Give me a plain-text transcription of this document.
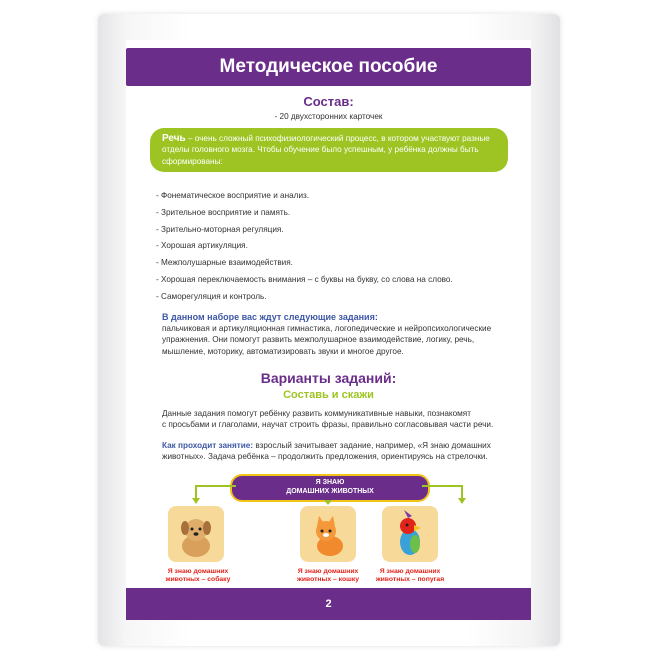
Методическое пособие
Состав:
- 20 двухсторонних карточек
Речь – очень сложный психофизиологический процесс, в котором участвуют разные
отделы головного мозга. Чтобы обучение было успешным, у ребёнка должны быть
сформированы:
- Фонематическое восприятие и анализ.
- Зрительное восприятие и память.
- Зрительно-моторная регуляция.
- Хорошая артикуляция.
- Межполушарные взаимодействия.
- Хорошая переключаемость внимания – с буквы на букву, со слова на слово.
- Саморегуляция и контроль.
В данном наборе вас ждут следующие задания:
пальчиковая и артикуляционная гимнастика, логопедические и нейропсихологические
упражнения. Они помогут развить межполушарное взаимодействие, логику, речь,
мышление, моторику, автоматизировать звуки и многое другое.
Варианты заданий:
Составь и скажи
Данные задания помогут ребёнку развить коммуникативные навыки, познакомят
с просьбами и глаголами, научат строить фразы, правильно согласовывая части речи.
Как проходит занятие: взрослый зачитывает задание, например, «Я знаю домашних
животных». Задача ребёнка – продолжить предложения, ориентируясь на стрелочки.
Я ЗНАЮ
ДОМАШНИХ ЖИВОТНЫХ
Я знаю домашних
животных – собаку
Я знаю домашних
животных – кошку
Я знаю домашних
животных – попугая
2
